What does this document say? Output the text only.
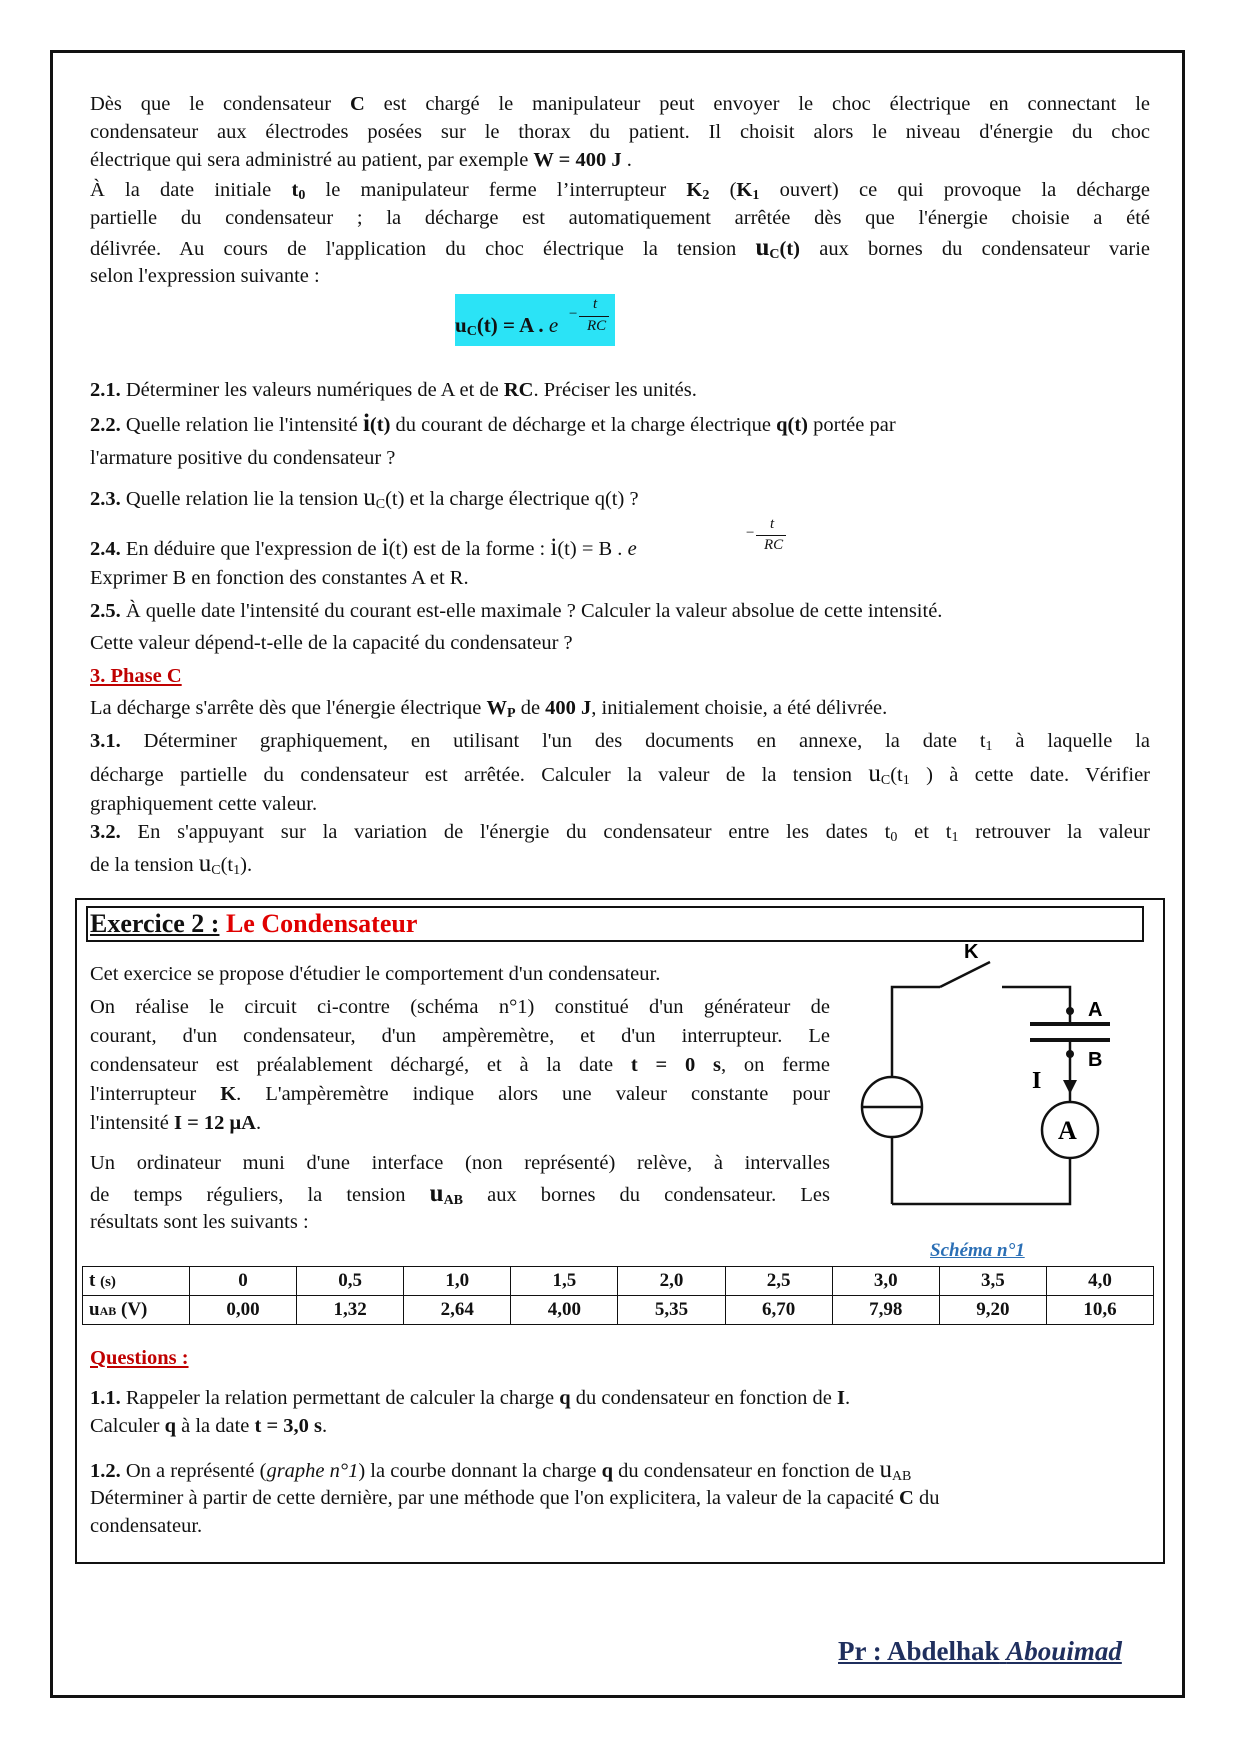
Dès que le condensateur C est chargé le manipulateur peut envoyer le choc électrique en connectant le

condensateur aux électrodes posées sur le thorax du patient. Il choisit alors le niveau d'énergie du choc

électrique qui sera administré au patient, par exemple W = 400 J .

À la date initiale $t_0$ le manipulateur ferme l’interrupteur $K_2$ ($K_1$ ouvert) ce qui provoque la décharge

partielle du condensateur ; la décharge est automatiquement arrêtée dès que l'énergie choisie a été

délivrée. Au cours de l'application du choc électrique la tension $u_C(t)$ aux bornes du condensateur varie

selon l'expression suivante :

$u_C(t) = A$ . e
t
−
RC

2.1. Déterminer les valeurs numériques de A et de RC. Préciser les unités.

2.2. Quelle relation lie l'intensité i(t) du courant de décharge et la charge électrique q(t) portée par

l'armature positive du condensateur ?

2.3. Quelle relation lie la tension $u_C(t)$ et la charge électrique q(t) ?

2.4. En déduire que l'expression de i(t) est de la forme : i(t) = B . e

t
−
RC

Exprimer B en fonction des constantes A et R.

2.5. À quelle date l'intensité du courant est-elle maximale ? Calculer la valeur absolue de cette intensité.

Cette valeur dépend-t-elle de la capacité du condensateur ?

3. Phase C

La décharge s'arrête dès que l'énergie électrique $W_P$ de 400 J, initialement choisie, a été délivrée.

3.1. Déterminer graphiquement, en utilisant l'un des documents en annexe, la date $t_1$ à laquelle la

décharge partielle du condensateur est arrêtée. Calculer la valeur de la tension $u_C(t_1$ ) à cette date. Vérifier

graphiquement cette valeur.

3.2. En s'appuyant sur la variation de l'énergie du condensateur entre les dates $t_0$ et $t_1$ retrouver la valeur

de la tension $u_C(t_1)$.

Exercice 2 : Le Condensateur

Cet exercice se propose d'étudier le comportement d'un condensateur.

On réalise le circuit ci-contre (schéma n°1) constitué d'un générateur de

courant, d'un condensateur, d'un ampèremètre, et d'un interrupteur. Le

condensateur est préalablement déchargé, et à la date t = 0 s, on ferme

l'interrupteur K. L'ampèremètre indique alors une valeur constante pour

l'intensité I = 12 μA.

Un ordinateur muni d'une interface (non représenté) relève, à intervalles

de temps réguliers, la tension $u_{AB}$ aux bornes du condensateur. Les

résultats sont les suivants :

K
A
B
I
A
Schéma n°1
t (s)	0	0,5	1,0	1,5	2,0	2,5	3,0	3,5	4,0
uAB (V)	0,00	1,32	2,64	4,00	5,35	6,70	7,98	9,20	10,6

Questions :

1.1. Rappeler la relation permettant de calculer la charge q du condensateur en fonction de I.

Calculer q à la date t = 3,0 s.

1.2. On a représenté (graphe n°1) la courbe donnant la charge q du condensateur en fonction de $u_{AB}$

Déterminer à partir de cette dernière, par une méthode que l'on explicitera, la valeur de la capacité C du

condensateur.

Pr : Abdelhak Abouimad
